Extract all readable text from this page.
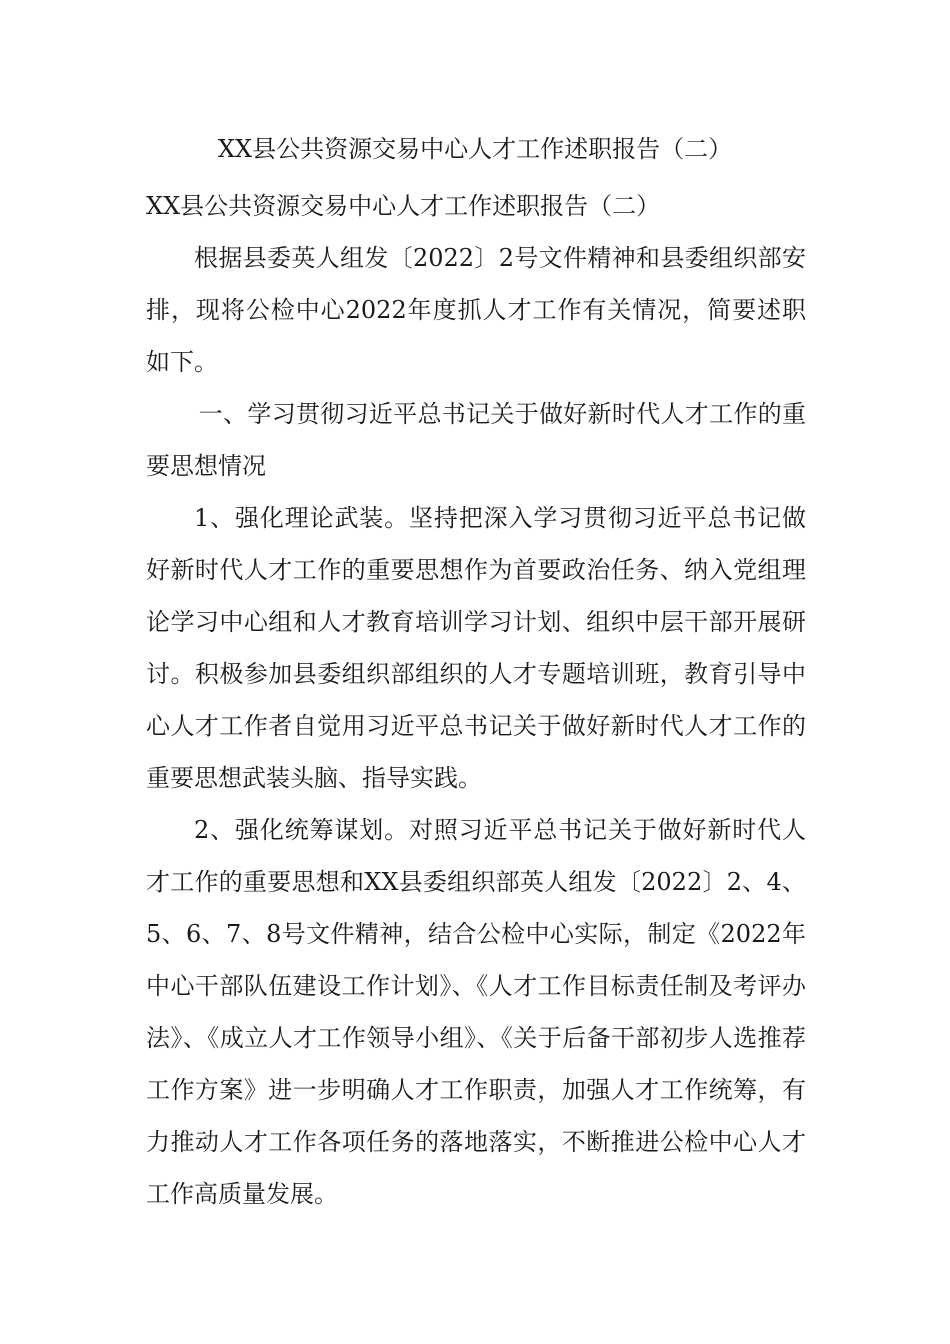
XX县公共资源交易中心人才工作述职报告（二）

XX县公共资源交易中心人才工作述职报告（二）

根据县委英人组发〔2022〕2号文件精神和县委组织部安排，现将公检中心2022年度抓人才工作有关情况，简要述职如下。

一、学习贯彻习近平总书记关于做好新时代人才工作的重要思想情况

1、强化理论武装。坚持把深入学习贯彻习近平总书记做好新时代人才工作的重要思想作为首要政治任务、纳入党组理论学习中心组和人才教育培训学习计划、组织中层干部开展研讨。积极参加县委组织部组织的人才专题培训班，教育引导中心人才工作者自觉用习近平总书记关于做好新时代人才工作的重要思想武装头脑、指导实践。

2、强化统筹谋划。对照习近平总书记关于做好新时代人才工作的重要思想和XX县委组织部英人组发〔2022〕2、4、5、6、7、8号文件精神，结合公检中心实际，制定《2022年中心干部队伍建设工作计划》、《人才工作目标责任制及考评办法》、《成立人才工作领导小组》、《关于后备干部初步人选推荐工作方案》进一步明确人才工作职责，加强人才工作统筹，有力推动人才工作各项任务的落地落实，不断推进公检中心人才工作高质量发展。
